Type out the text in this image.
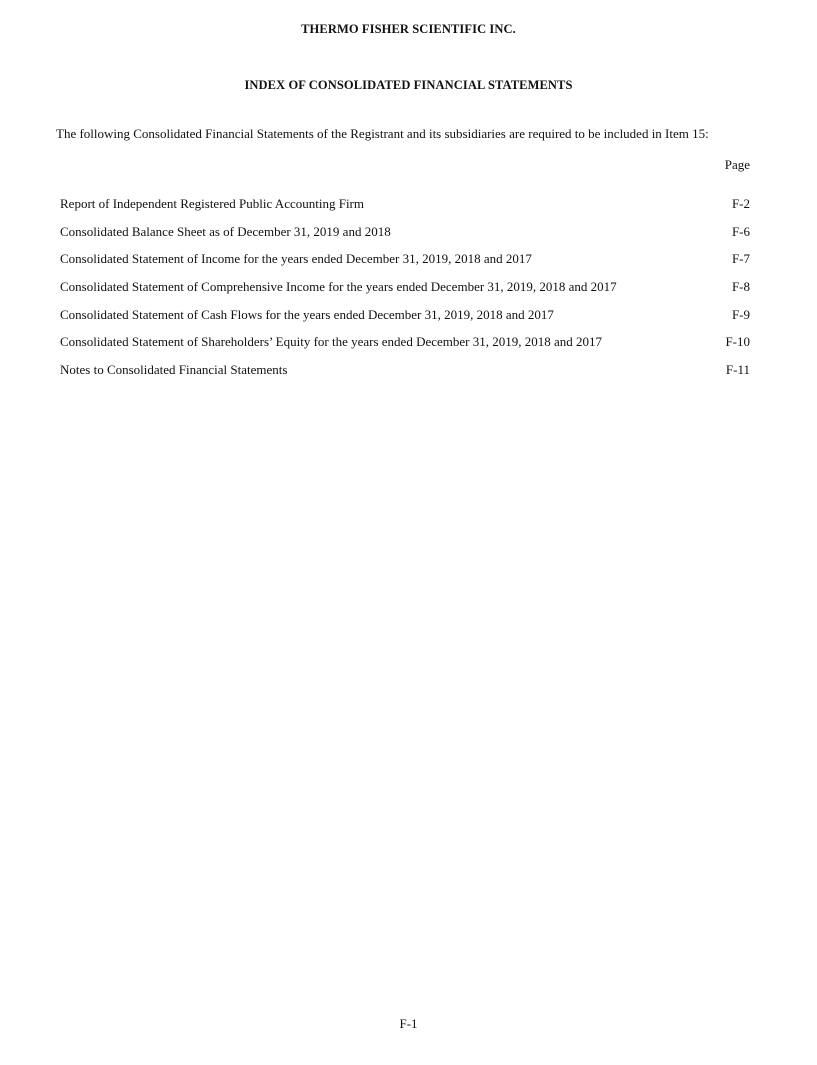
THERMO FISHER SCIENTIFIC INC.
INDEX OF CONSOLIDATED FINANCIAL STATEMENTS
The following Consolidated Financial Statements of the Registrant and its subsidiaries are required to be included in Item 15:
Page
Report of Independent Registered Public Accounting Firm	F-2
Consolidated Balance Sheet as of December 31, 2019 and 2018	F-6
Consolidated Statement of Income for the years ended December 31, 2019, 2018 and 2017	F-7
Consolidated Statement of Comprehensive Income for the years ended December 31, 2019, 2018 and 2017	F-8
Consolidated Statement of Cash Flows for the years ended December 31, 2019, 2018 and 2017	F-9
Consolidated Statement of Shareholders’ Equity for the years ended December 31, 2019, 2018 and 2017	F-10
Notes to Consolidated Financial Statements	F-11
F-1
